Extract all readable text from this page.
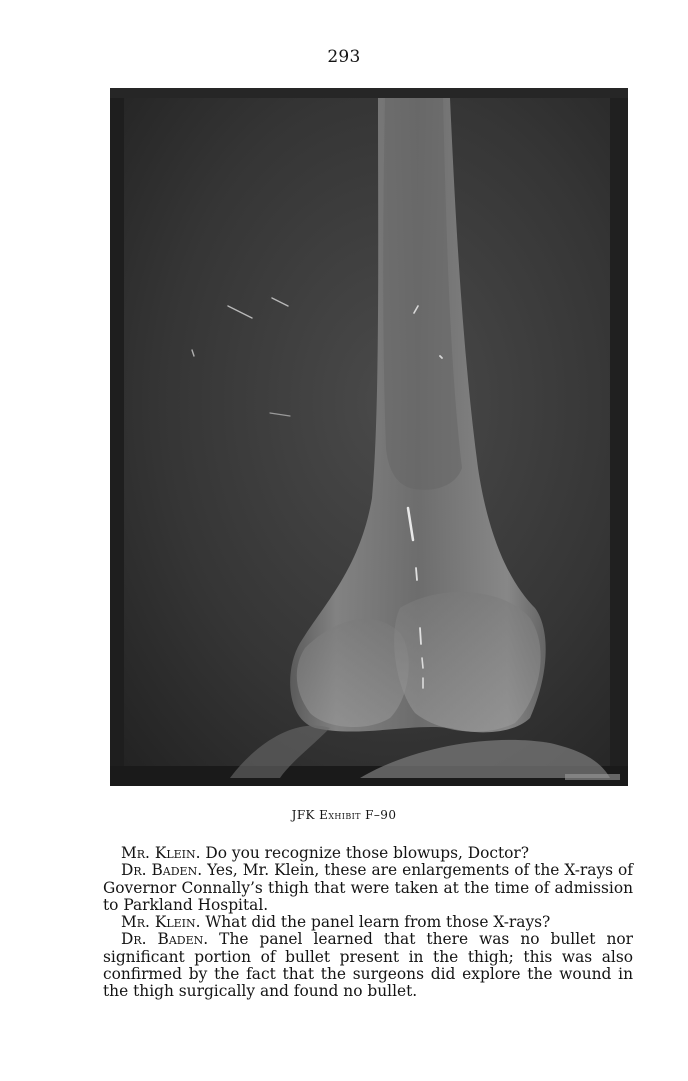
293
JFK Exhibit F–90

Mr. Klein. Do you recognize those blowups, Doctor?

Dr. Baden. Yes, Mr. Klein, these are enlargements of the X-rays of Governor Connally’s thigh that were taken at the time of admission to Parkland Hospital.

Mr. Klein. What did the panel learn from those X-rays?

Dr. Baden. The panel learned that there was no bullet nor significant portion of bullet present in the thigh; this was also confirmed by the fact that the surgeons did explore the wound in the thigh surgically and found no bullet.
